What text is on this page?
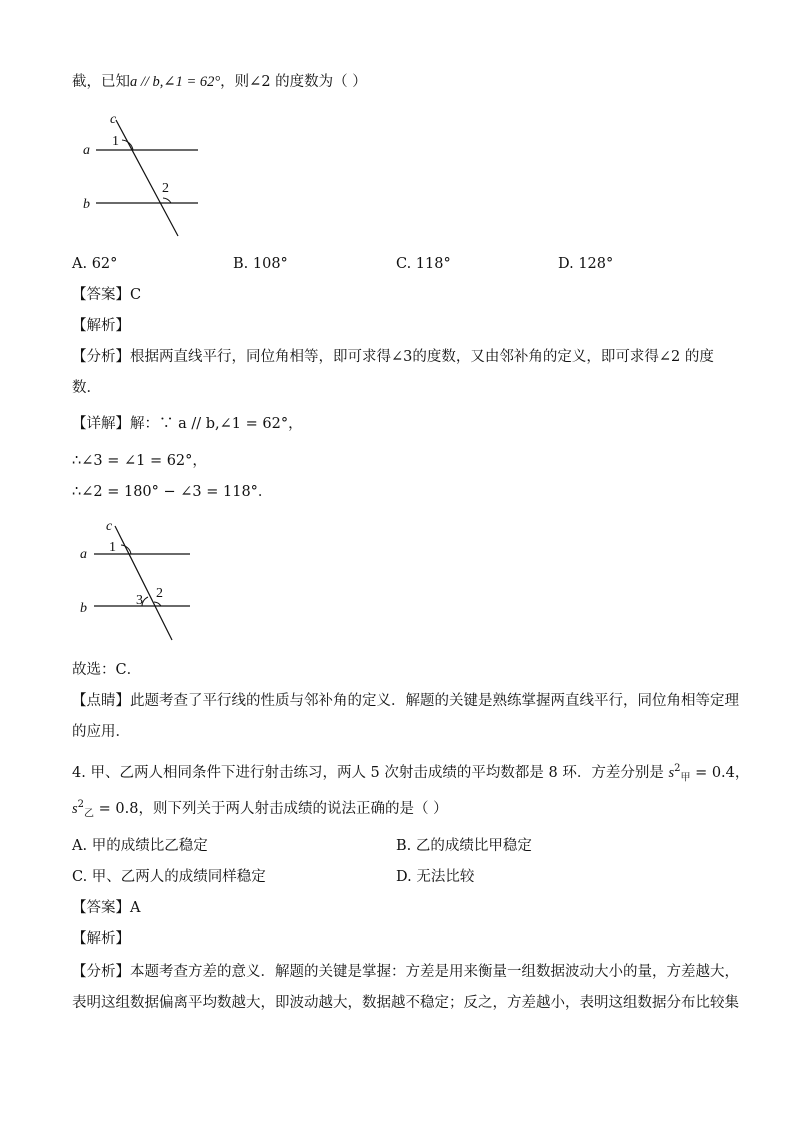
截，已知a // b,∠1 = 62°，则∠2 的度数为（ ）
a
b
c
1
2
A. 62°	B. 108°	C. 118°	D. 128°
【答案】C
【解析】
【分析】根据两直线平行，同位角相等，即可求得∠3的度数，又由邻补角的定义，即可求得∠2 的度
数．
【详解】解：∵ a // b,∠1 = 62°，
∴∠3 = ∠1 = 62°，
∴∠2 = 180° − ∠3 = 118°．
a
b
c
1
2
3
故选：C．
【点睛】此题考查了平行线的性质与邻补角的定义．解题的关键是熟练掌握两直线平行，同位角相等定理
的应用．
4. 甲、乙两人相同条件下进行射击练习，两人 5 次射击成绩的平均数都是 8 环．方差分别是 $s^2_甲 = 0.4$，
$s^2_乙 = 0.8$，则下列关于两人射击成绩的说法正确的是（ ）
A. 甲的成绩比乙稳定	B. 乙的成绩比甲稳定
C. 甲、乙两人的成绩同样稳定	D. 无法比较
【答案】A
【解析】
【分析】本题考查方差的意义．解题的关键是掌握：方差是用来衡量一组数据波动大小的量，方差越大，
表明这组数据偏离平均数越大，即波动越大，数据越不稳定；反之，方差越小，表明这组数据分布比较集
